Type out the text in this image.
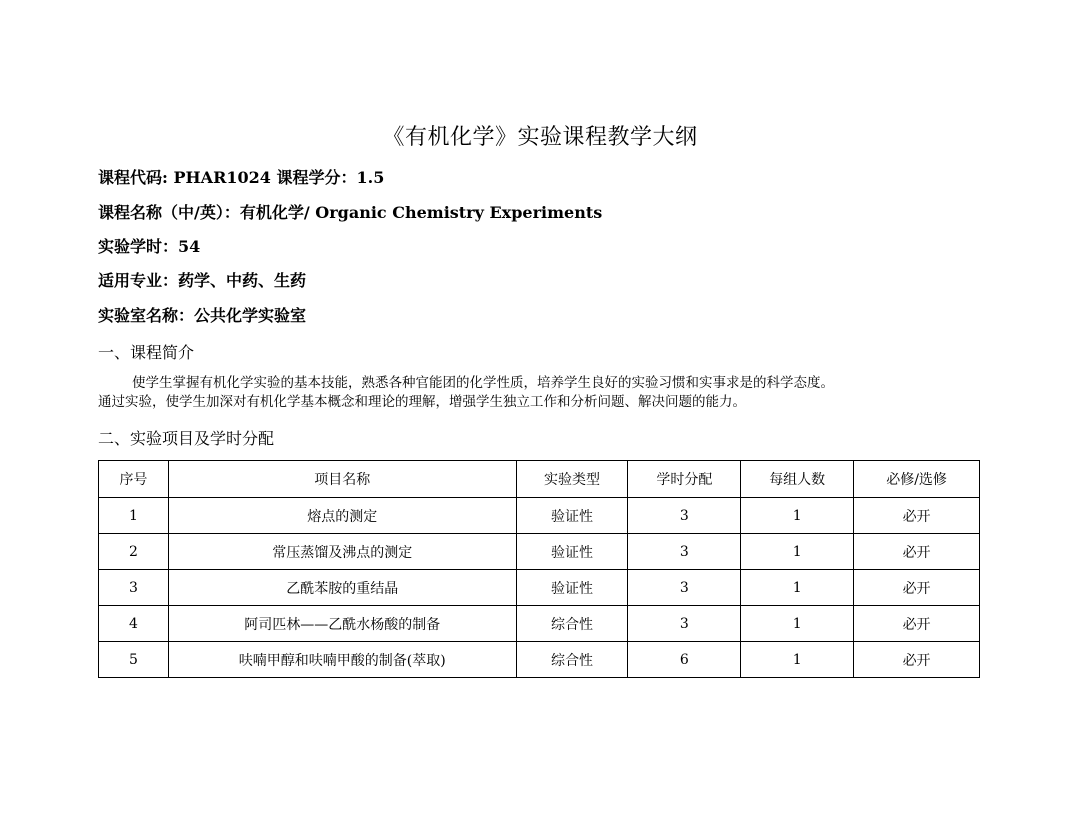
《有机化学》实验课程教学大纲
课程代码: PHAR1024 课程学分：1.5
课程名称（中/英）：有机化学/ Organic Chemistry Experiments
实验学时：54
适用专业：药学、中药、生药
实验室名称：公共化学实验室
一、课程简介

使学生掌握有机化学实验的基本技能，熟悉各种官能团的化学性质，培养学生良好的实验习惯和实事求是的科学态度。

通过实验，使学生加深对有机化学基本概念和理论的理解，增强学生独立工作和分析问题、解决问题的能力。

二、实验项目及学时分配
序号	项目名称	实验类型	学时分配	每组人数	必修/选修
1	熔点的测定	验证性	3	1	必开
2	常压蒸馏及沸点的测定	验证性	3	1	必开
3	乙酰苯胺的重结晶	验证性	3	1	必开
4	阿司匹林——乙酰水杨酸的制备	综合性	3	1	必开
5	呋喃甲醇和呋喃甲酸的制备(萃取)	综合性	6	1	必开
